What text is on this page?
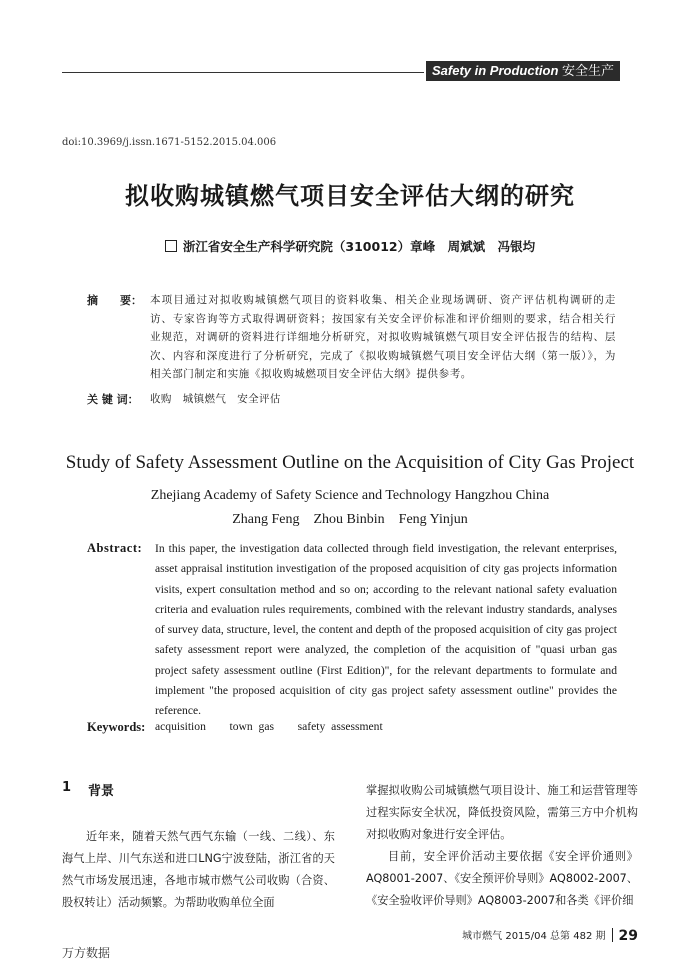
Safety in Production 安全生产
doi:10.3969/j.issn.1671-5152.2015.04.006
拟收购城镇燃气项目安全评估大纲的研究
浙江省安全生产科学研究院（310012）章峰　周斌斌　冯银均
摘　　要： 本项目通过对拟收购城镇燃气项目的资料收集、相关企业现场调研、资产评估机构调研的走访、专家咨询等方式取得调研资料；按国家有关安全评价标准和评价细则的要求，结合相关行业规范，对调研的资料进行详细地分析研究，对拟收购城镇燃气项目安全评估报告的结构、层次、内容和深度进行了分析研究，完成了《拟收购城镇燃气项目安全评估大纲（第一版）》，为相关部门制定和实施《拟收购城燃项目安全评估大纲》提供参考。
关 键 词： 收购　城镇燃气　安全评估
Study of Safety Assessment Outline on the Acquisition of City Gas Project
Zhejiang Academy of Safety Science and Technology Hangzhou China
Zhang Feng    Zhou Binbin    Feng Yinjun
Abstract: In this paper, the investigation data collected through field investigation, the relevant enterprises, asset appraisal institution investigation of the proposed acquisition of city gas projects information visits, expert consultation method and so on; according to the relevant national safety evaluation criteria and evaluation rules requirements, combined with the relevant industry standards, analyses of survey data, structure, level, the content and depth of the proposed acquisition of city gas project safety assessment report were analyzed, the completion of the acquisition of "quasi urban gas project safety assessment outline (First Edition)", for the relevant departments to formulate and implement "the proposed acquisition of city gas project safety assessment outline" provides the reference.
Keywords: acquisition    town gas    safety assessment
1 背景
近年来，随着天然气西气东输（一线、二线）、东海气上岸、川气东送和进口LNG宁波登陆，浙江省的天然气市场发展迅速，各地市城市燃气公司收购（合资、股权转让）活动频繁。为帮助收购单位全面
掌握拟收购公司城镇燃气项目设计、施工和运营管理等过程实际安全状况，降低投资风险，需第三方中介机构对拟收购对象进行安全评估。
目前，安全评价活动主要依据《安全评价通则》AQ8001-2007、《安全预评价导则》AQ8002-2007、《安全验收评价导则》AQ8003-2007和各类《评价细
城市燃气 2015/04 总第 482 期 29
万方数据
